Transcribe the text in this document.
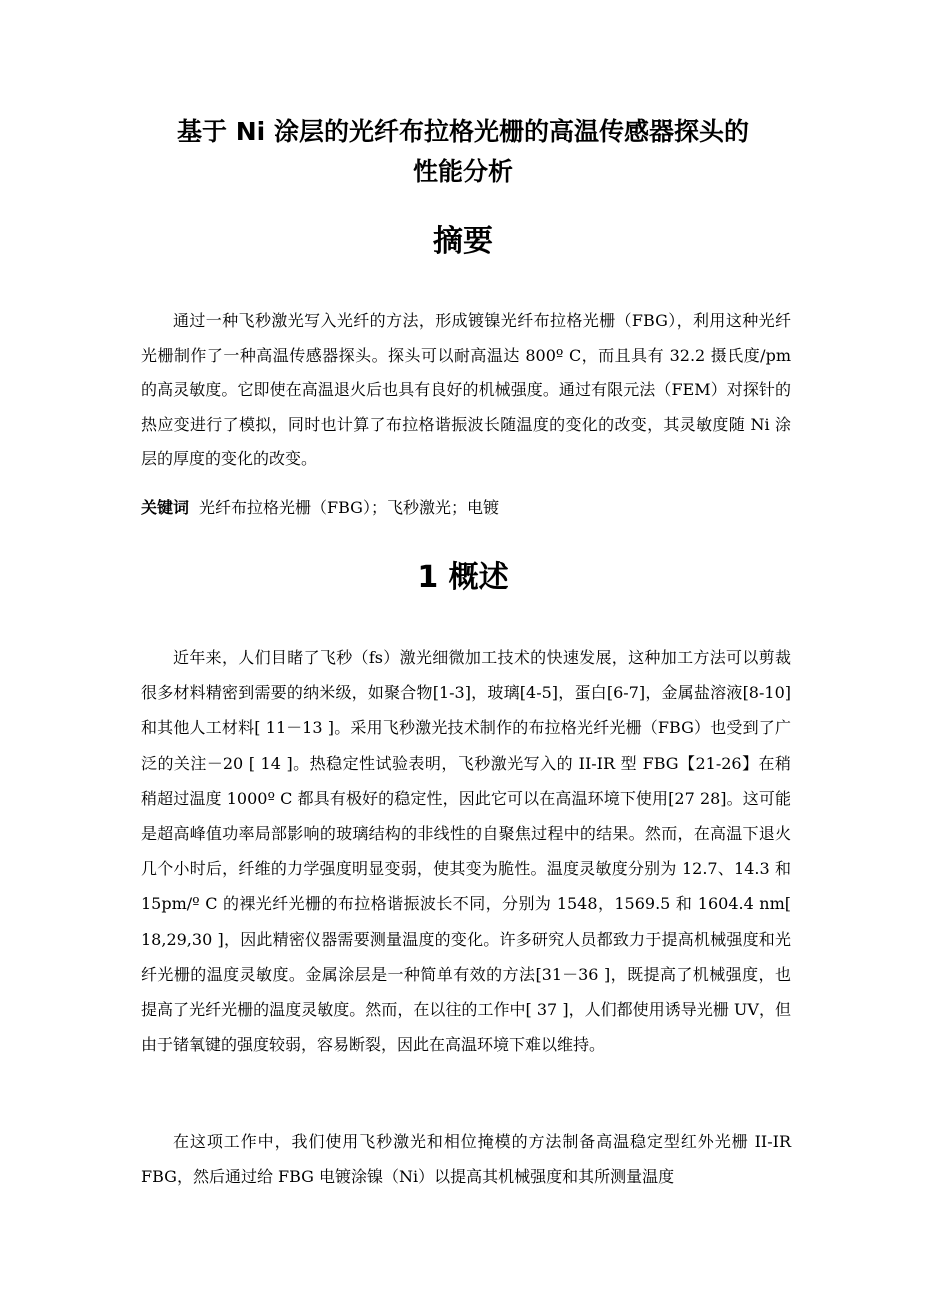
基于 Ni 涂层的光纤布拉格光栅的高温传感器探头的
性能分析
摘要

通过一种飞秒激光写入光纤的方法，形成镀镍光纤布拉格光栅（FBG），利用这种光纤光栅制作了一种高温传感器探头。探头可以耐高温达 800º C，而且具有 32.2 摄氏度/pm 的高灵敏度。它即使在高温退火后也具有良好的机械强度。通过有限元法（FEM）对探针的热应变进行了模拟，同时也计算了布拉格谐振波长随温度的变化的改变，其灵敏度随 Ni 涂层的厚度的变化的改变。

关键词 光纤布拉格光栅（FBG）；飞秒激光；电镀
1 概述

近年来，人们目睹了飞秒（fs）激光细微加工技术的快速发展，这种加工方法可以剪裁很多材料精密到需要的纳米级，如聚合物[1-3]，玻璃[4-5]，蛋白[6-7]，金属盐溶液[8-10]和其他人工材料[ 11－13 ]。采用飞秒激光技术制作的布拉格光纤光栅（FBG）也受到了广泛的关注－20 [ 14 ]。热稳定性试验表明，飞秒激光写入的 II-IR 型 FBG【21-26】在稍稍超过温度 1000º C 都具有极好的稳定性，因此它可以在高温环境下使用[27 28]。这可能是超高峰值功率局部影响的玻璃结构的非线性的自聚焦过程中的结果。然而，在高温下退火几个小时后，纤维的力学强度明显变弱，使其变为脆性。温度灵敏度分别为 12.7、14.3 和 15pm/º C 的裸光纤光栅的布拉格谐振波长不同，分别为 1548，1569.5 和 1604.4 nm[ 18,29,30 ]，因此精密仪器需要测量温度的变化。许多研究人员都致力于提高机械强度和光纤光栅的温度灵敏度。金属涂层是一种简单有效的方法[31－36 ]，既提高了机械强度，也提高了光纤光栅的温度灵敏度。然而，在以往的工作中[ 37 ]，人们都使用诱导光栅 UV，但由于锗氧键的强度较弱，容易断裂，因此在高温环境下难以维持。

在这项工作中，我们使用飞秒激光和相位掩模的方法制备高温稳定型红外光栅 II-IR FBG，然后通过给 FBG 电镀涂镍（Ni）以提高其机械强度和其所测量温度
